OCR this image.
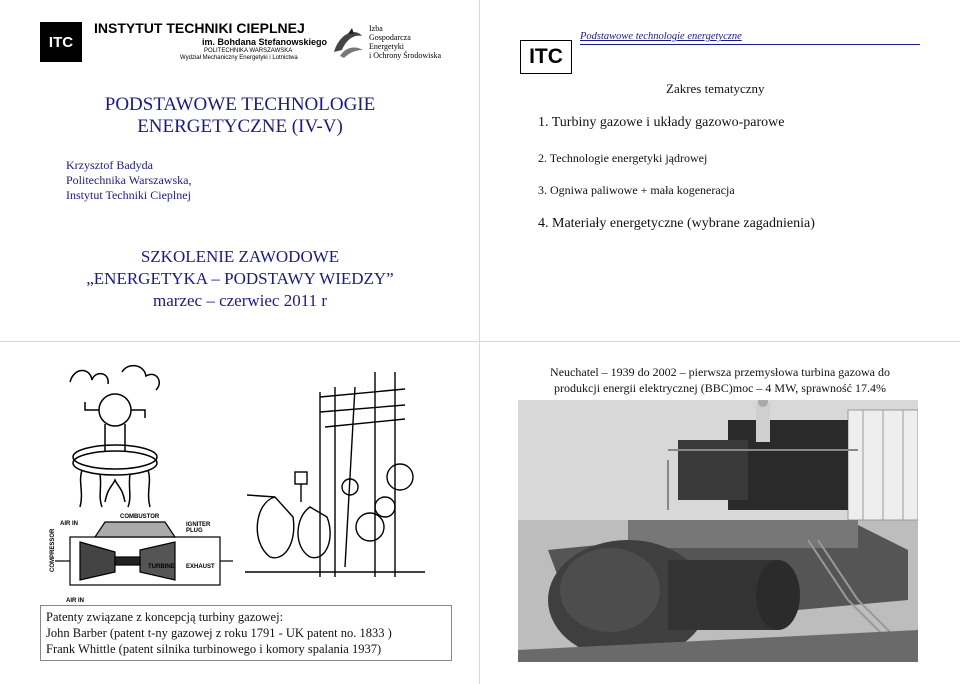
ITC
INSTYTUT TECHNIKI CIEPLNEJ
im. Bohdana Stefanowskiego
POLITECHNIKA WARSZAWSKA
Wydział Mechaniczny Energetyki i Lotnictwa
Izba
Gospodarcza
Energetyki
i Ochrony Środowiska
PODSTAWOWE TECHNOLOGIE
ENERGETYCZNE (IV-V)
Krzysztof Badyda
Politechnika Warszawska,
Instytut Techniki Cieplnej
SZKOLENIE ZAWODOWE
„ENERGETYKA – PODSTAWY WIEDZY”
marzec – czerwiec 2011 r
ITC
Podstawowe technologie energetyczne
Zakres tematyczny
1. Turbiny gazowe i układy gazowo-parowe
2. Technologie energetyki jądrowej
3. Ogniwa paliwowe + mała kogeneracja
4. Materiały energetyczne (wybrane zagadnienia)
COMBUSTOR
AIR IN	IGNITER PLUG
COMPRESSOR	TURBINE EXHAUST
AIR IN
Patenty związane z koncepcją turbiny gazowej:
John Barber (patent t-ny gazowej z roku 1791 - UK patent no. 1833 )
Frank Whittle (patent silnika turbinowego i komory spalania 1937)
Neuchatel – 1939 do 2002 – pierwsza przemysłowa turbina gazowa do
produkcji energii elektrycznej (BBC)moc – 4 MW, sprawność 17.4%
